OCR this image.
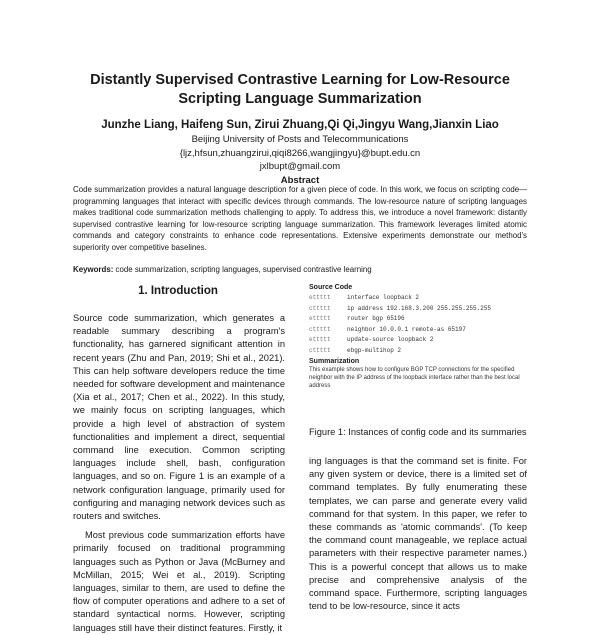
Distantly Supervised Contrastive Learning for Low-Resource Scripting Language Summarization
Junzhe Liang, Haifeng Sun, Zirui Zhuang,Qi Qi,Jingyu Wang,Jianxin Liao
Beijing University of Posts and Telecommunications
{ljz,hfsun,zhuangzirui,qiqi8266,wangjingyu}@bupt.edu.cn
jxlbupt@gmail.com
Abstract
Code summarization provides a natural language description for a given piece of code. In this work, we focus on scripting code—programming languages that interact with specific devices through commands. The low-resource nature of scripting languages makes traditional code summarization methods challenging to apply. To address this, we introduce a novel framework: distantly supervised contrastive learning for low-resource scripting language summarization. This framework leverages limited atomic commands and category constraints to enhance code representations. Extensive experiments demonstrate our method's superiority over competitive baselines.
Keywords: code summarization, scripting languages, supervised contrastive learning
1. Introduction

Source code summarization, which generates a readable summary describing a program's functionality, has garnered significant attention in recent years (Zhu and Pan, 2019; Shi et al., 2021). This can help software developers reduce the time needed for software development and maintenance (Xia et al., 2017; Chen et al., 2022). In this study, we mainly focus on scripting languages, which provide a high level of abstraction of system functionalities and implement a direct, sequential command line execution. Common scripting languages include shell, bash, configuration languages, and so on. Figure 1 is an example of a network configuration language, primarily used for configuring and managing network devices such as routers and switches.

Most previous code summarization efforts have primarily focused on traditional programming languages such as Python or Java (McBurney and McMillan, 2015; Wei et al., 2019). Scripting languages, similar to them, are used to define the flow of computer operations and adhere to a set of standard syntactical norms. However, scripting languages still have their distinct features. Firstly, it

Source Code
ettttt	interface loopback 2
cttttt	ip address 192.168.3.200 255.255.255.255
ettttt	router bgp 65196
cttttt	neighbor 10.0.0.1 remote-as 65197
ettttt	update-source loopback 2
cttttt	ebgp-multihop 2
Summarization
This example shows how to configure BGP TCP connections for the specified neighbor with the IP address of the loopback interface rather than the best local address
Figure 1: Instances of config code and its summaries
ing languages is that the command set is finite. For any given system or device, there is a limited set of command templates. By fully enumerating these templates, we can parse and generate every valid command for that system. In this paper, we refer to these commands as 'atomic commands'. (To keep the command count manageable, we replace actual parameters with their respective parameter names.) This is a powerful concept that allows us to make precise and comprehensive analysis of the command space. Furthermore, scripting languages tend to be low-resource, since it acts
